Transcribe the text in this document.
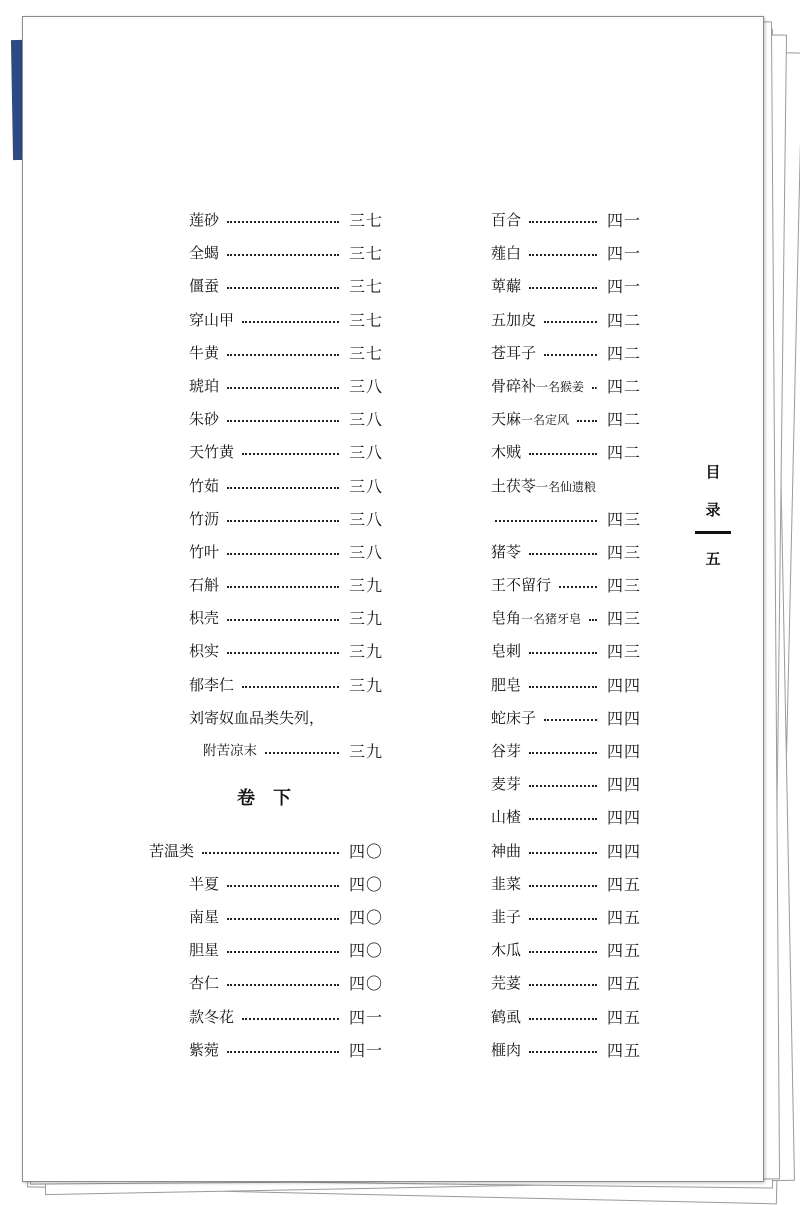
莲砂	三七
全蝎	三七
僵蚕	三七
穿山甲	三七
牛黄	三七
琥珀	三八
朱砂	三八
天竹黄	三八
竹茹	三八
竹沥	三八
竹叶	三八
石斛	三九
枳壳	三九
枳实	三九
郁李仁	三九
刘寄奴血品类失列，
附苦凉末	三九
卷下
苦温类	四〇
半夏	四〇
南星	四〇
胆星	四〇
杏仁	四〇
款冬花	四一
紫菀	四一
百合	四一
薤白	四一
萆薢	四一
五加皮	四二
苍耳子	四二
骨碎补一名猴姜 四二
天麻一名定风 四二
木贼	四二
土茯苓一名仙遗粮
四三
猪苓	四三
王不留行	四三
皂角一名猪牙皂 四三
皂刺	四三
肥皂	四四
蛇床子	四四
谷芽	四四
麦芽	四四
山楂	四四
神曲	四四
韭菜	四五
韭子	四五
木瓜	四五
芫荽	四五
鹤虱	四五
榧肉	四五
目
录
五
